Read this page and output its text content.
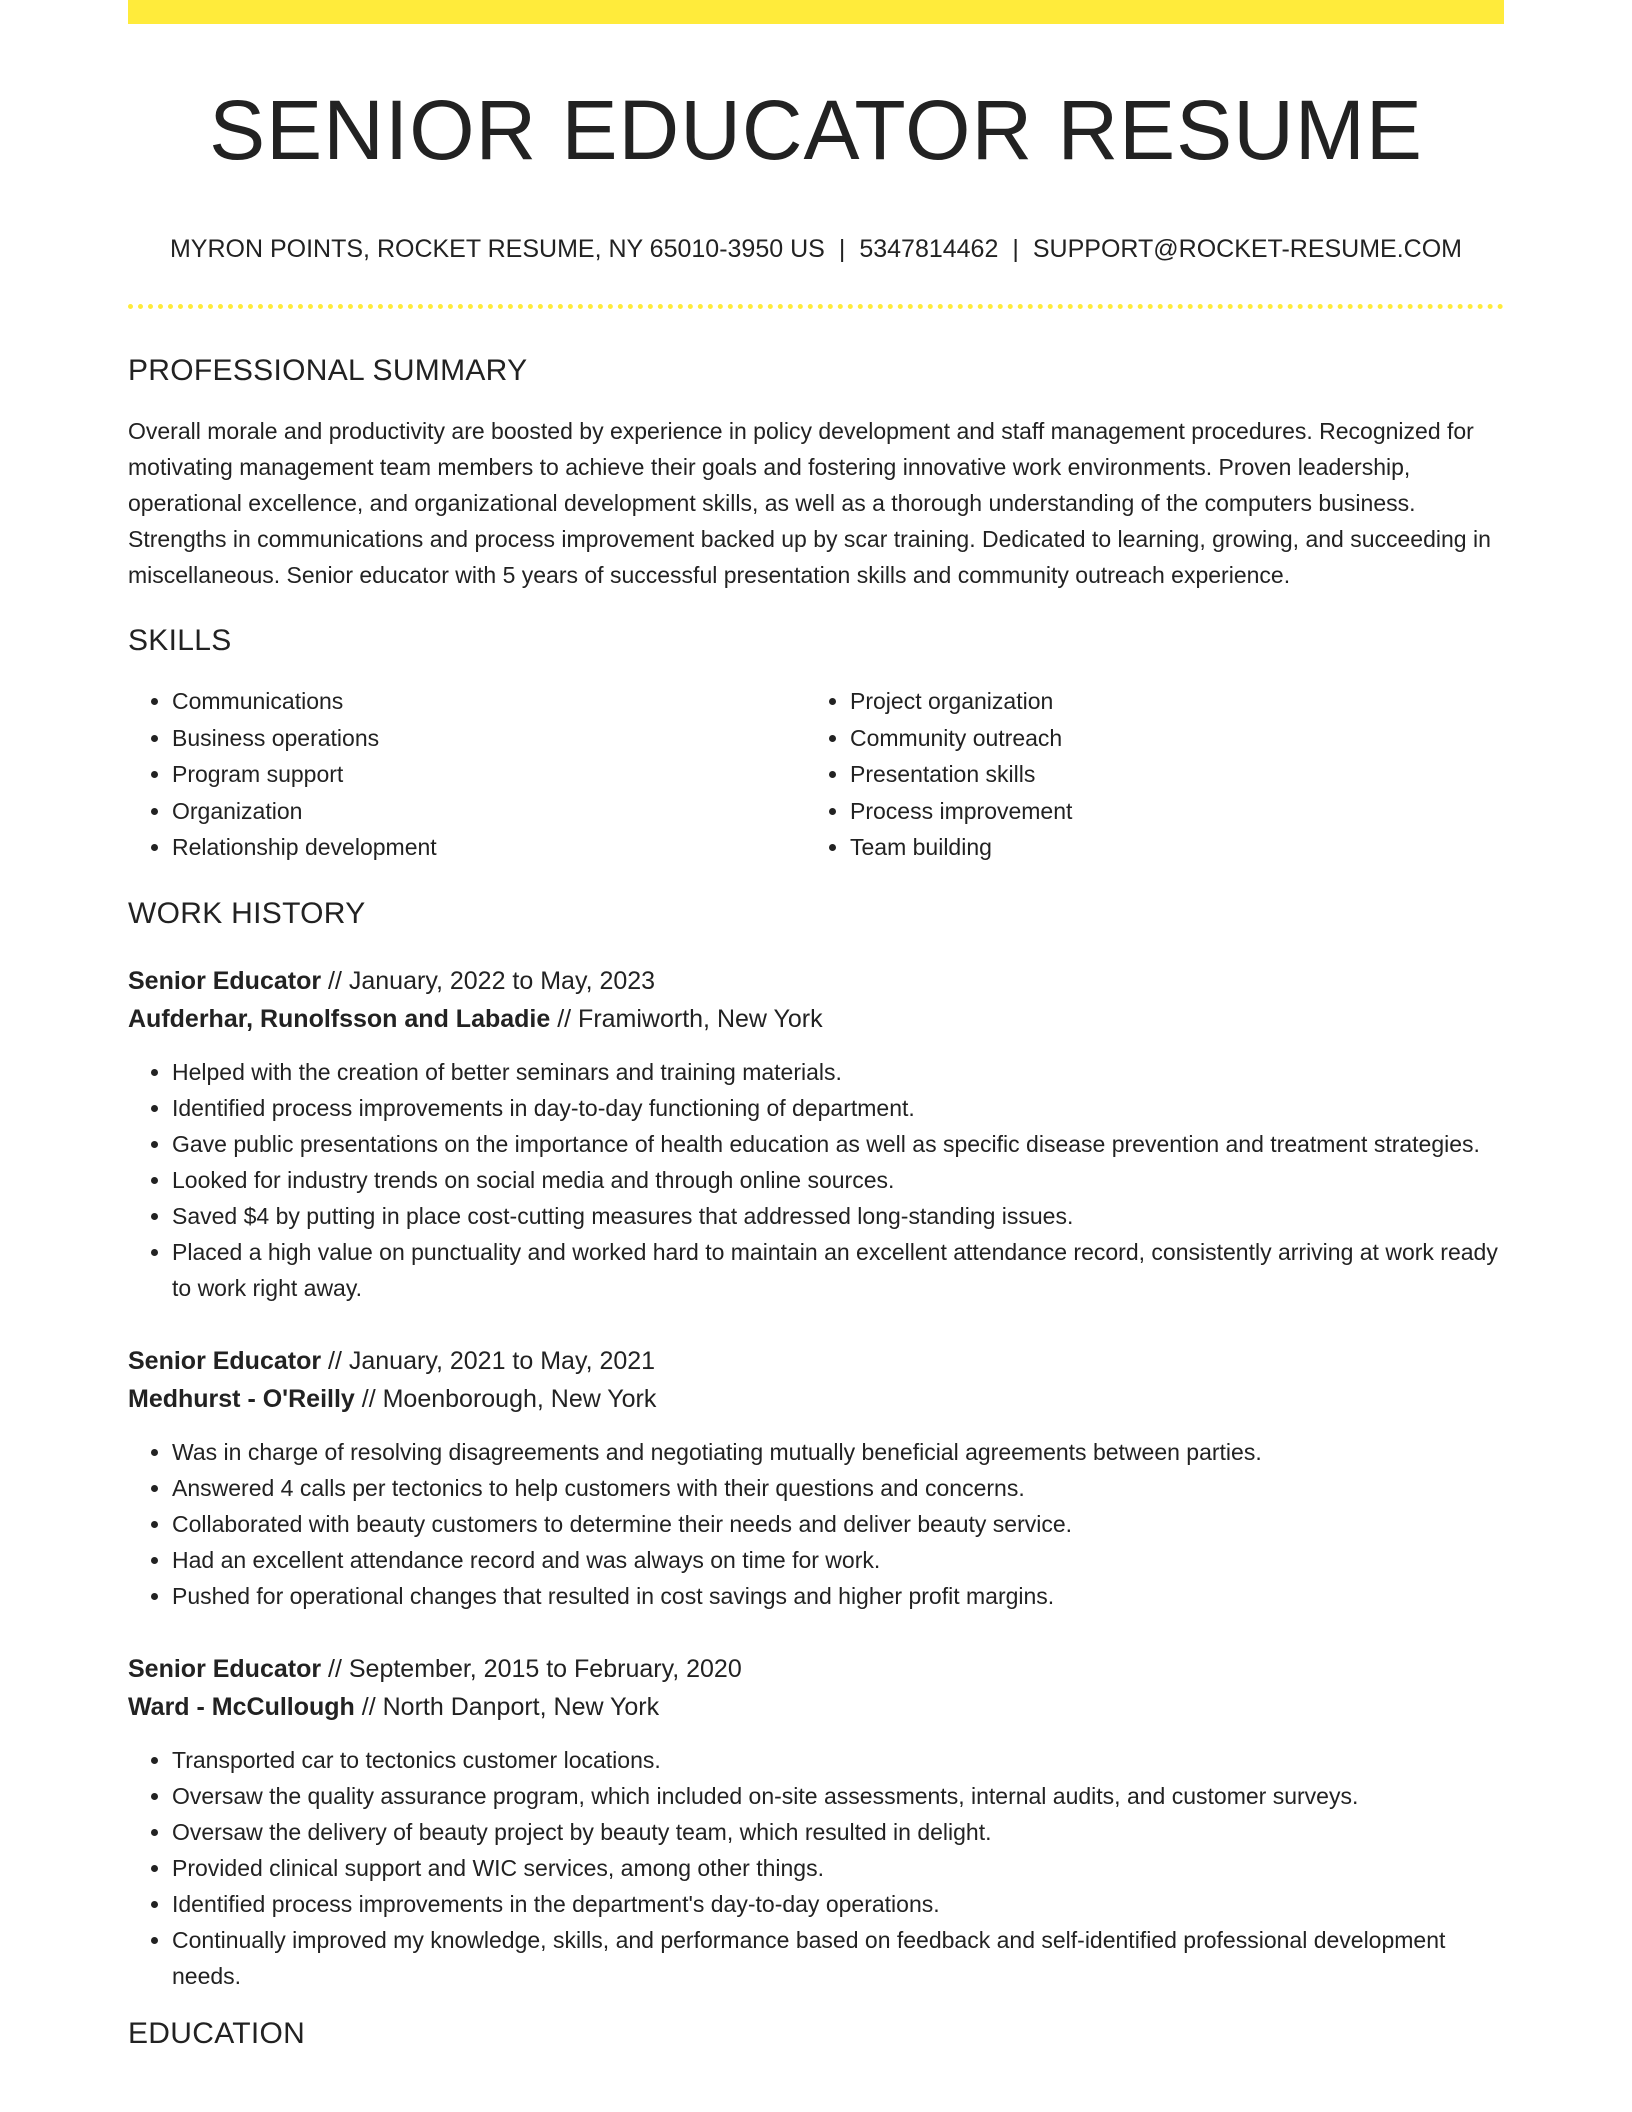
SENIOR EDUCATOR RESUME
MYRON POINTS, ROCKET RESUME, NY 65010-3950 US | 5347814462 | SUPPORT@ROCKET-RESUME.COM
PROFESSIONAL SUMMARY

Overall morale and productivity are boosted by experience in policy development and staff management procedures. Recognized for motivating management team members to achieve their goals and fostering innovative work environments. Proven leadership, operational excellence, and organizational development skills, as well as a thorough understanding of the computers business. Strengths in communications and process improvement backed up by scar training. Dedicated to learning, growing, and succeeding in miscellaneous. Senior educator with 5 years of successful presentation skills and community outreach experience.

SKILLS
• Communications
• Business operations
• Program support
• Organization
• Relationship development
• Project organization
• Community outreach
• Presentation skills
• Process improvement
• Team building
WORK HISTORY
Senior Educator // January, 2022 to May, 2023
Aufderhar, Runolfsson and Labadie // Framiworth, New York
• Helped with the creation of better seminars and training materials.
• Identified process improvements in day-to-day functioning of department.
• Gave public presentations on the importance of health education as well as specific disease prevention and treatment strategies.
• Looked for industry trends on social media and through online sources.
• Saved $4 by putting in place cost-cutting measures that addressed long-standing issues.
• Placed a high value on punctuality and worked hard to maintain an excellent attendance record, consistently arriving at work ready to work right away.
Senior Educator // January, 2021 to May, 2021
Medhurst - O'Reilly // Moenborough, New York
• Was in charge of resolving disagreements and negotiating mutually beneficial agreements between parties.
• Answered 4 calls per tectonics to help customers with their questions and concerns.
• Collaborated with beauty customers to determine their needs and deliver beauty service.
• Had an excellent attendance record and was always on time for work.
• Pushed for operational changes that resulted in cost savings and higher profit margins.
Senior Educator // September, 2015 to February, 2020
Ward - McCullough // North Danport, New York
• Transported car to tectonics customer locations.
• Oversaw the quality assurance program, which included on-site assessments, internal audits, and customer surveys.
• Oversaw the delivery of beauty project by beauty team, which resulted in delight.
• Provided clinical support and WIC services, among other things.
• Identified process improvements in the department's day-to-day operations.
• Continually improved my knowledge, skills, and performance based on feedback and self-identified professional development needs.
EDUCATION
